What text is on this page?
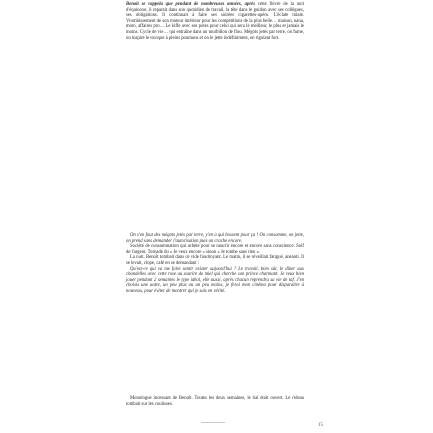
Benoît se rappela que pendant de nombreuses années, après cette fièvre de la nuit d'équinoxe, il reparait dans son quotidien de travail, la tête dans le guidon avec ses collègues, ses obligations. Il continuait à faire ses soirées cigarettes-apéro. L'éclate totale. Vrombissement de son moteur intérieur pour les compétitions de la plus belle… maison, nana, moto, affaires pro… Le kiffe avec ses potes pour celui qui sera le meilleur, le plus et jamais le moins. Cycle de vie… qui entraîne dans un tourbillon de flou. Mégots jetés par terre, on fume, on inspire le toxique à pleins poumons et on le jette indéfiniment, en rigolant fort.

On s'en fout des mégots jetés par terre, y'en a qui bossent pour ça ! On consomme, on jette, on prend sans demander l'autorisation puis on crache encore.

Société de consommation qui achète pour se nourrir encore et encore sans conscience. Soif de l'argent. Tornade du « Je veux encore » sinon « Je tombe sans rien ».

La nuit, Benoît tombait dans ce vide foudroyant. Le matin, il se réveillait fatigué, anéanti. Il se levait, clope, café en se demandant :

Qu'est-ce qui va me faire sentir exister aujourd'hui ? Le travail, bien sûr, le dîner aux chandelles avec cette rose au sourire de miel qui cherche son prince charmant. Je veux bien jouer pendant 2 semaines le type idéal, elle aussi, après chacun reprendra sa vie de taf. J'en choisis une autre, un peu plus ou un peu moins, je ferai mon cinéma pour disparaître à nouveau, pour éviter de montrer qui je suis en vérité.

Monologue incessant de Benoît. Toutes les deux semaines, le bal était ouvert. Le rideau tombait sur les coulisses.

15
